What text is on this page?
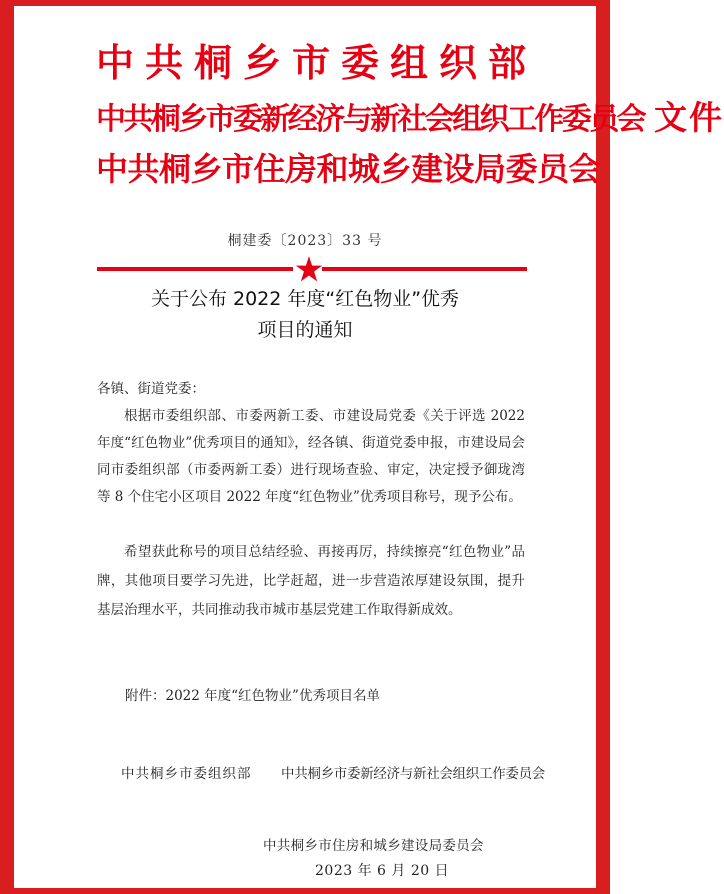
中共桐乡市委组织部
中共桐乡市委新经济与新社会组织工作委员会 文件
中共桐乡市住房和城乡建设局委员会
桐建委〔2023〕33 号
关于公布 2022 年度“红色物业”优秀
项目的通知
各镇、街道党委：
根据市委组织部、市委两新工委、市建设局党委《关于评选 2022 年度“红色物业”优秀项目的通知》，经各镇、街道党委申报，市建设局会同市委组织部（市委两新工委）进行现场查验、审定，决定授予御珑湾等 8 个住宅小区项目 2022 年度“红色物业”优秀项目称号，现予公布。
希望获此称号的项目总结经验、再接再厉，持续擦亮“红色物业”品牌，其他项目要学习先进，比学赶超，进一步营造浓厚建设氛围，提升基层治理水平，共同推动我市城市基层党建工作取得新成效。
附件：2022 年度“红色物业”优秀项目名单
中共桐乡市委组织部 中共桐乡市委新经济与新社会组织工作委员会
中共桐乡市住房和城乡建设局委员会
2023 年 6 月 20 日
